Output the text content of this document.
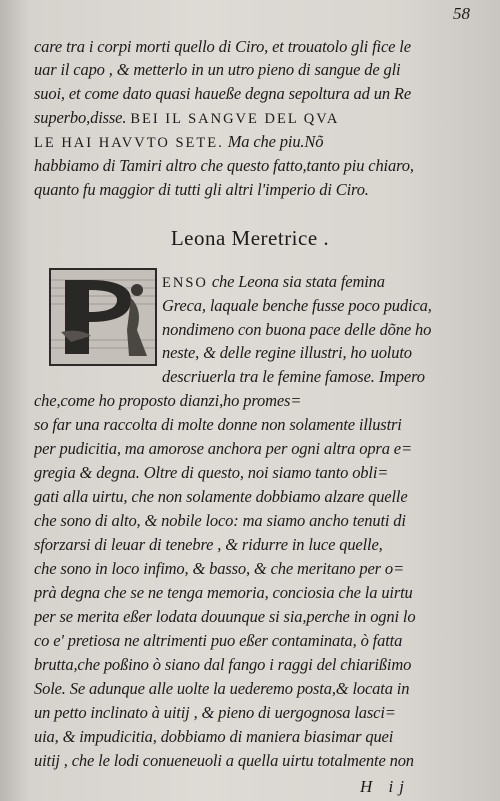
58
care tra i corpi morti quello di Ciro, et trouatolo gli fice le
uar il capo , & metterlo in un utro pieno di sangue de gli
suoi, et come dato quasi haueße degna sepoltura ad un Re
superbo,disse. BEI IL SANGVE DEL QVA
LE HAI HAVVTO SETE. Ma che piu.Nõ
habbiamo di Tamiri altro che questo fatto,tanto piu chiaro,
quanto fu maggior di tutti gli altri l'imperio di Ciro.
Leona Meretrice .
ENSO che Leona sia stata femina
Greca, laquale benche fusse poco pudica,
nondimeno con buona pace delle dõne ho
neste, & delle regine illustri, ho uoluto
descriuerla tra le femine famose. Impero
che,come ho proposto dianzi,ho promes=
so far una raccolta di molte donne non solamente illustri
per pudicitia, ma amorose anchora per ogni altra opra e=
gregia & degna. Oltre di questo, noi siamo tanto obli=
gati alla uirtu, che non solamente dobbiamo alzare quelle
che sono di alto, & nobile loco: ma siamo ancho tenuti di
sforzarsi di leuar di tenebre , & ridurre in luce quelle,
che sono in loco infimo, & basso, & che meritano per o=
prà degna che se ne tenga memoria, conciosia che la uirtu
per se merita eßer lodata douunque si sia,perche in ogni lo
co e' pretiosa ne altrimenti puo eßer contaminata, ò fatta
brutta,che poßino ò siano dal fango i raggi del chiarißimo
Sole. Se adunque alle uolte la uederemo posta,& locata in
un petto inclinato à uitij , & pieno di uergognosa lasci=
uia, & impudicitia, dobbiamo di maniera biasimar quei
uitij , che le lodi conueneuoli a quella uirtu totalmente non
H ij
